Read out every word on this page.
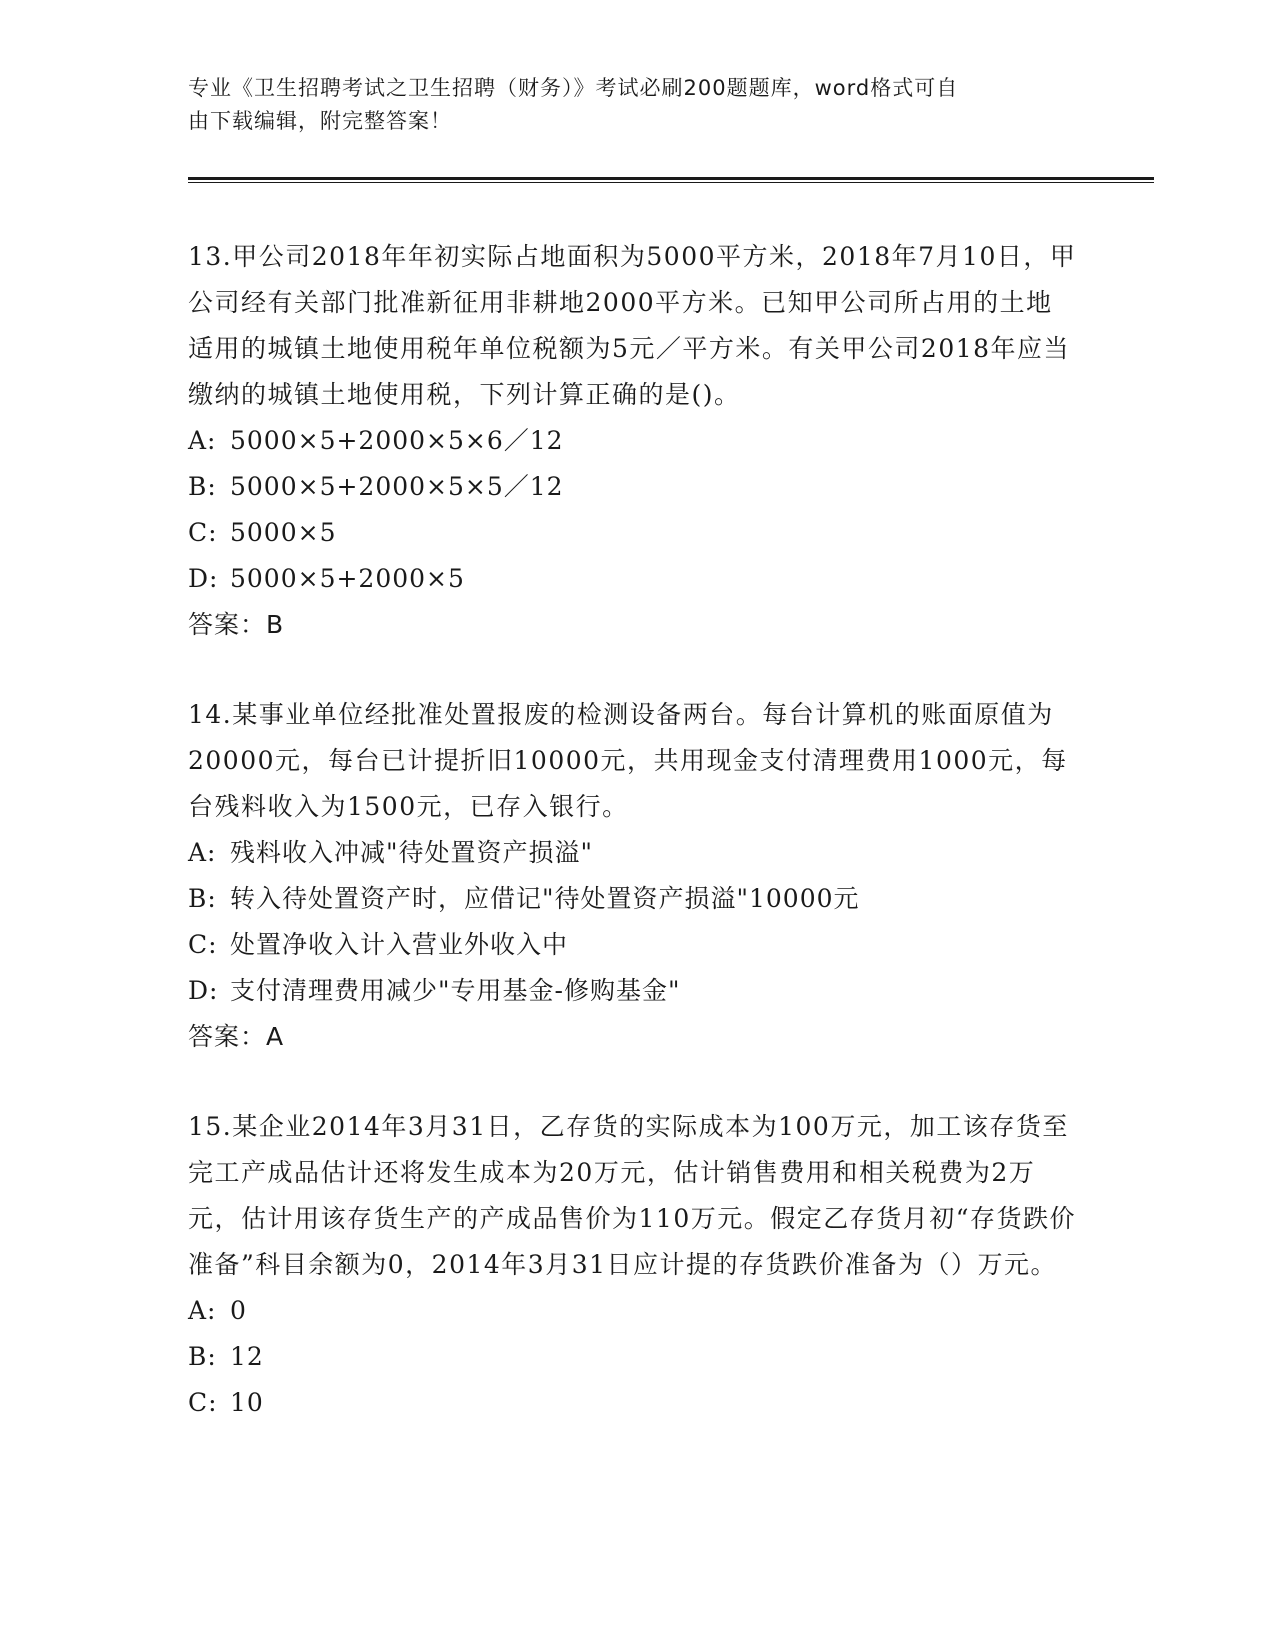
专业《卫生招聘考试之卫生招聘（财务）》考试必刷200题题库，word格式可自
由下载编辑，附完整答案！

13.甲公司2018年年初实际占地面积为5000平方米，2018年7月10日，甲公司经有关部门批准新征用非耕地2000平方米。已知甲公司所占用的土地适用的城镇土地使用税年单位税额为5元／平方米。有关甲公司2018年应当缴纳的城镇土地使用税，下列计算正确的是()。

A: 5000×5+2000×5×6／12

B: 5000×5+2000×5×5／12

C: 5000×5

D: 5000×5+2000×5

答案：B

14.某事业单位经批准处置报废的检测设备两台。每台计算机的账面原值为20000元，每台已计提折旧10000元，共用现金支付清理费用1000元，每台残料收入为1500元，已存入银行。

A: 残料收入冲减"待处置资产损溢"

B: 转入待处置资产时，应借记"待处置资产损溢"10000元

C: 处置净收入计入营业外收入中

D: 支付清理费用减少"专用基金-修购基金"

答案：A

15.某企业2014年3月31日，乙存货的实际成本为100万元，加工该存货至完工产成品估计还将发生成本为20万元，估计销售费用和相关税费为2万元，估计用该存货生产的产成品售价为110万元。假定乙存货月初“存货跌价准备”科目余额为0，2014年3月31日应计提的存货跌价准备为（）万元。

A: 0

B: 12

C: 10
